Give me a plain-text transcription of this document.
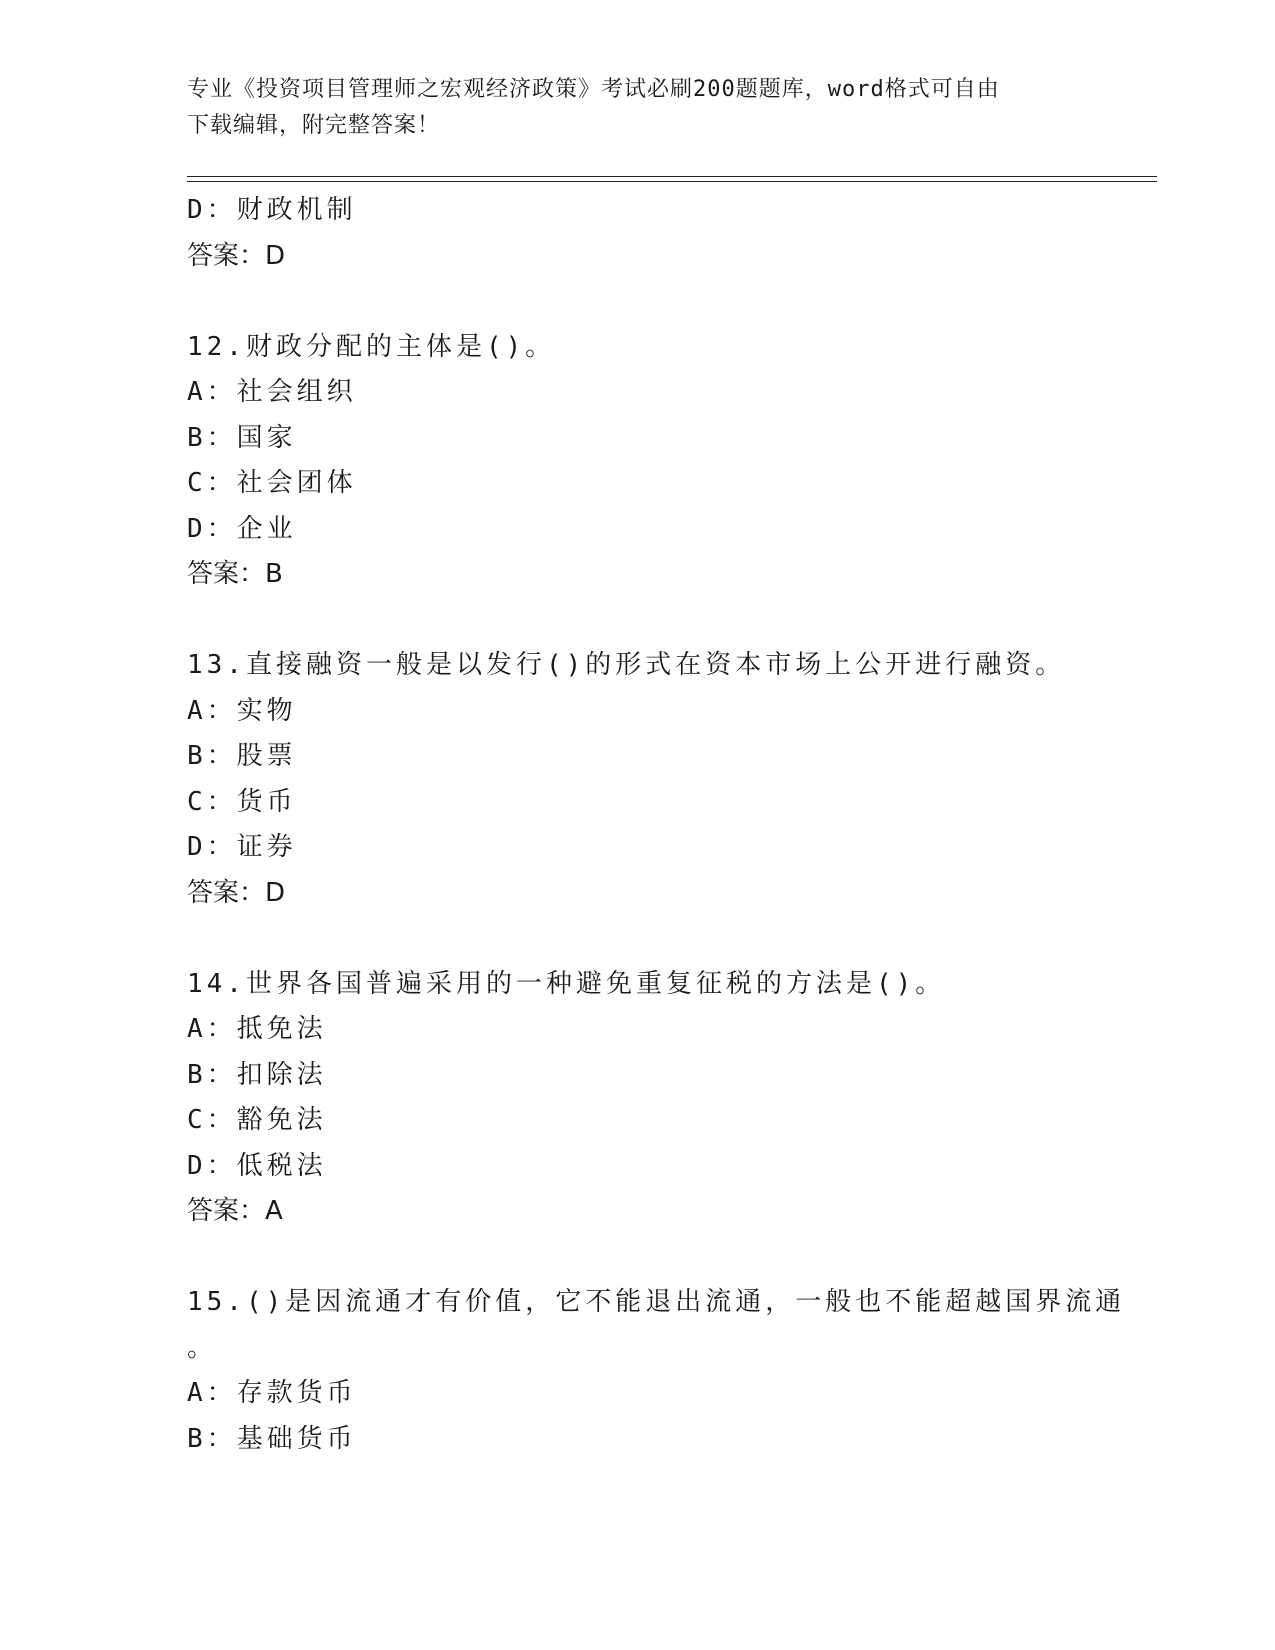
专业《投资项目管理师之宏观经济政策》考试必刷200题题库，word格式可自由
下载编辑，附完整答案！
D：财政机制
答案：D
12.财政分配的主体是()。
A：社会组织
B：国家
C：社会团体
D：企业
答案：B
13.直接融资一般是以发行()的形式在资本市场上公开进行融资。
A：实物
B：股票
C：货币
D：证券
答案：D
14.世界各国普遍采用的一种避免重复征税的方法是()。
A：抵免法
B：扣除法
C：豁免法
D：低税法
答案：A
15.()是因流通才有价值，它不能退出流通，一般也不能超越国界流通
。
A：存款货币
B：基础货币
